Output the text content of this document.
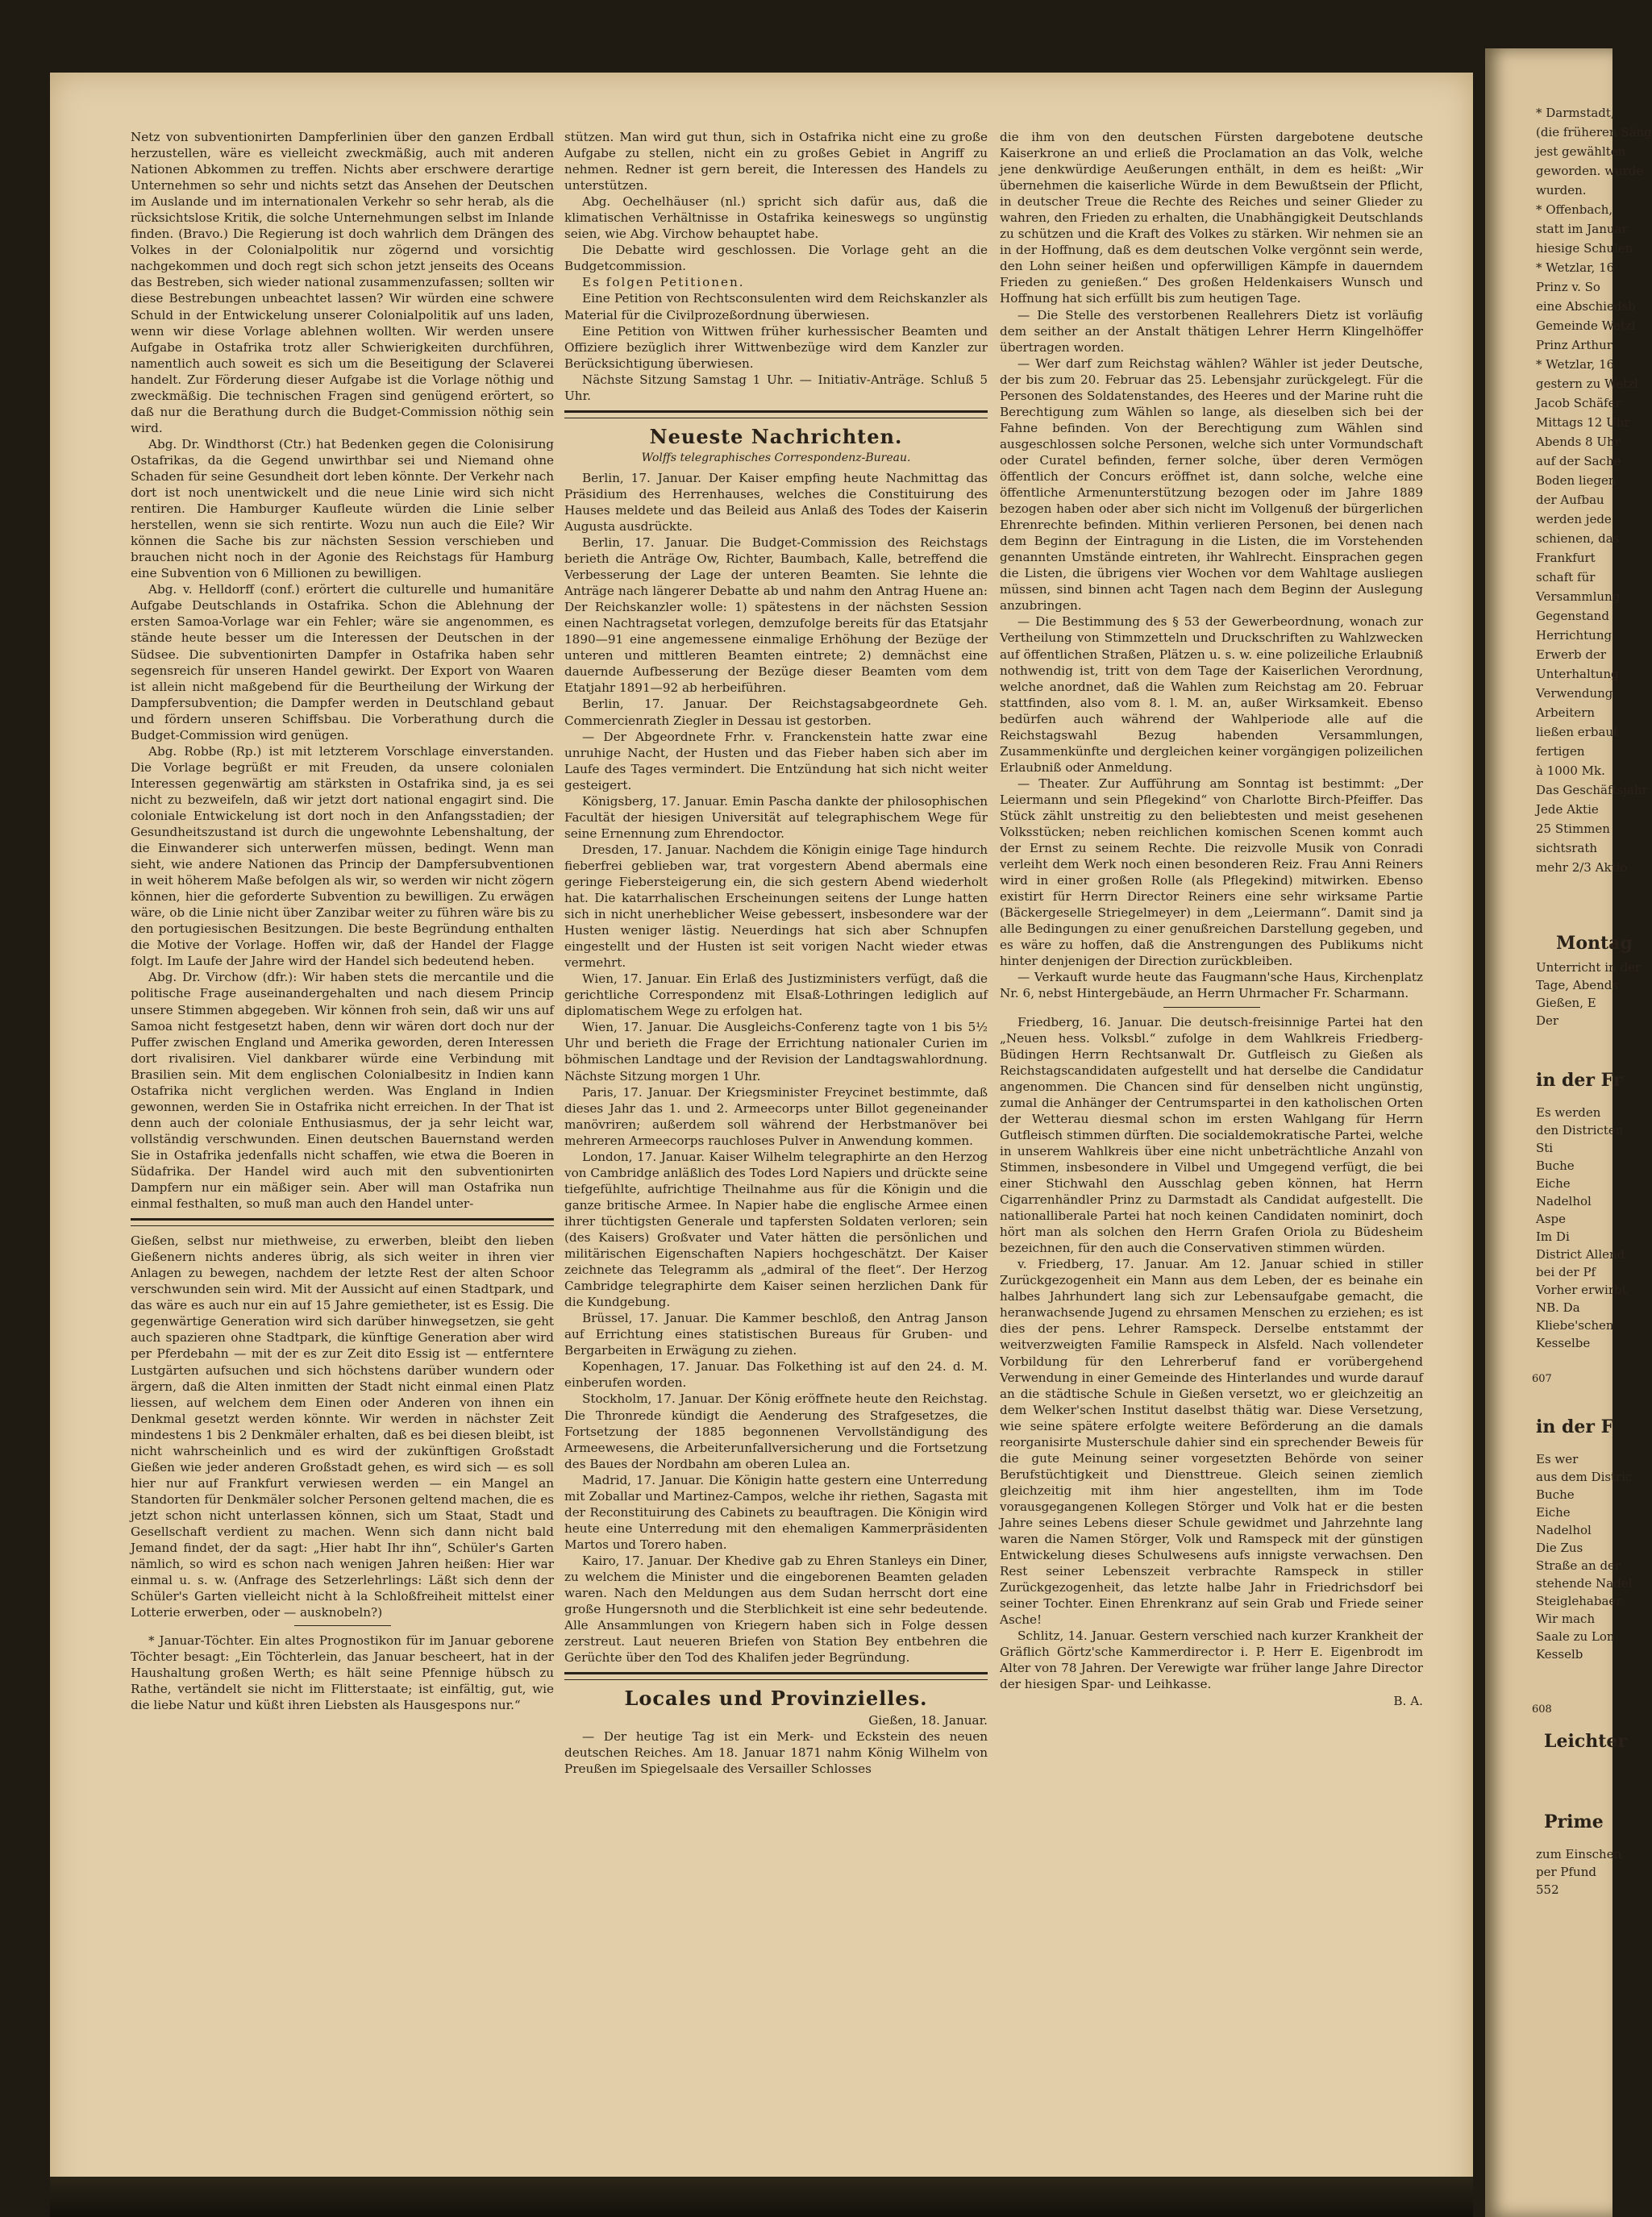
Netz von subventionirten Dampferlinien über den ganzen Erdball herzustellen, wäre es vielleicht zweckmäßig, auch mit anderen Nationen Abkommen zu treffen. Nichts aber erschwere derartige Unternehmen so sehr und nichts setzt das Ansehen der Deutschen im Auslande und im internationalen Verkehr so sehr herab, als die rücksichtslose Kritik, die solche Unternehmungen selbst im Inlande finden. (Bravo.) Die Regierung ist doch wahrlich dem Drängen des Volkes in der Colonialpolitik nur zögernd und vorsichtig nachgekommen und doch regt sich schon jetzt jenseits des Oceans das Bestreben, sich wieder national zusammenzufassen; sollten wir diese Bestrebungen unbeachtet lassen? Wir würden eine schwere Schuld in der Entwickelung unserer Colonialpolitik auf uns laden, wenn wir diese Vorlage ablehnen wollten. Wir werden unsere Aufgabe in Ostafrika trotz aller Schwierigkeiten durchführen, namentlich auch soweit es sich um die Beseitigung der Sclaverei handelt. Zur Förderung dieser Aufgabe ist die Vorlage nöthig und zweckmäßig. Die technischen Fragen sind genügend erörtert, so daß nur die Berathung durch die Budget-Commission nöthig sein wird.

Abg. Dr. Windthorst (Ctr.) hat Bedenken gegen die Colonisirung Ostafrikas, da die Gegend unwirthbar sei und Niemand ohne Schaden für seine Gesundheit dort leben könnte. Der Verkehr nach dort ist noch unentwickelt und die neue Linie wird sich nicht rentiren. Die Hamburger Kaufleute würden die Linie selber herstellen, wenn sie sich rentirte. Wozu nun auch die Eile? Wir können die Sache bis zur nächsten Session verschieben und brauchen nicht noch in der Agonie des Reichstags für Hamburg eine Subvention von 6 Millionen zu bewilligen.

Abg. v. Helldorff (conf.) erörtert die culturelle und humanitäre Aufgabe Deutschlands in Ostafrika. Schon die Ablehnung der ersten Samoa-Vorlage war ein Fehler; wäre sie angenommen, es stände heute besser um die Interessen der Deutschen in der Südsee. Die subventionirten Dampfer in Ostafrika haben sehr segensreich für unseren Handel gewirkt. Der Export von Waaren ist allein nicht maßgebend für die Beurtheilung der Wirkung der Dampfersubvention; die Dampfer werden in Deutschland gebaut und fördern unseren Schiffsbau. Die Vorberathung durch die Budget-Commission wird genügen.

Abg. Robbe (Rp.) ist mit letzterem Vorschlage einverstanden. Die Vorlage begrüßt er mit Freuden, da unsere colonialen Interessen gegenwärtig am stärksten in Ostafrika sind, ja es sei nicht zu bezweifeln, daß wir jetzt dort national engagirt sind. Die coloniale Entwickelung ist dort noch in den Anfangsstadien; der Gesundheitszustand ist durch die ungewohnte Lebenshaltung, der die Einwanderer sich unterwerfen müssen, bedingt. Wenn man sieht, wie andere Nationen das Princip der Dampfersubventionen in weit höherem Maße befolgen als wir, so werden wir nicht zögern können, hier die geforderte Subvention zu bewilligen. Zu erwägen wäre, ob die Linie nicht über Zanzibar weiter zu führen wäre bis zu den portugiesischen Besitzungen. Die beste Begründung enthalten die Motive der Vorlage. Hoffen wir, daß der Handel der Flagge folgt. Im Laufe der Jahre wird der Handel sich bedeutend heben.

Abg. Dr. Virchow (dfr.): Wir haben stets die mercantile und die politische Frage auseinandergehalten und nach diesem Princip unsere Stimmen abgegeben. Wir können froh sein, daß wir uns auf Samoa nicht festgesetzt haben, denn wir wären dort doch nur der Puffer zwischen England und Amerika geworden, deren Interessen dort rivalisiren. Viel dankbarer würde eine Verbindung mit Brasilien sein. Mit dem englischen Colonialbesitz in Indien kann Ostafrika nicht verglichen werden. Was England in Indien gewonnen, werden Sie in Ostafrika nicht erreichen. In der That ist denn auch der coloniale Enthusiasmus, der ja sehr leicht war, vollständig verschwunden. Einen deutschen Bauernstand werden Sie in Ostafrika jedenfalls nicht schaffen, wie etwa die Boeren in Südafrika. Der Handel wird auch mit den subventionirten Dampfern nur ein mäßiger sein. Aber will man Ostafrika nun einmal festhalten, so muß man auch den Handel unter-

Gießen, selbst nur miethweise, zu erwerben, bleibt den lieben Gießenern nichts anderes übrig, als sich weiter in ihren vier Anlagen zu bewegen, nachdem der letzte Rest der alten Schoor verschwunden sein wird. Mit der Aussicht auf einen Stadtpark, und das wäre es auch nur ein auf 15 Jahre gemietheter, ist es Essig. Die gegenwärtige Generation wird sich darüber hinwegsetzen, sie geht auch spazieren ohne Stadtpark, die künftige Generation aber wird per Pferdebahn — mit der es zur Zeit dito Essig ist — entferntere Lustgärten aufsuchen und sich höchstens darüber wundern oder ärgern, daß die Alten inmitten der Stadt nicht einmal einen Platz liessen, auf welchem dem Einen oder Anderen von ihnen ein Denkmal gesetzt werden könnte. Wir werden in nächster Zeit mindestens 1 bis 2 Denkmäler erhalten, daß es bei diesen bleibt, ist nicht wahrscheinlich und es wird der zukünftigen Großstadt Gießen wie jeder anderen Großstadt gehen, es wird sich — es soll hier nur auf Frankfurt verwiesen werden — ein Mangel an Standorten für Denkmäler solcher Personen geltend machen, die es jetzt schon nicht unterlassen können, sich um Staat, Stadt und Gesellschaft verdient zu machen. Wenn sich dann nicht bald Jemand findet, der da sagt: „Hier habt Ihr ihn“, Schüler's Garten nämlich, so wird es schon nach wenigen Jahren heißen: Hier war einmal u. s. w. (Anfrage des Setzerlehrlings: Läßt sich denn der Schüler's Garten vielleicht nicht à la Schloßfreiheit mittelst einer Lotterie erwerben, oder — ausknobeln?)

* Januar-Töchter. Ein altes Prognostikon für im Januar geborene Töchter besagt: „Ein Töchterlein, das Januar bescheert, hat in der Haushaltung großen Werth; es hält seine Pfennige hübsch zu Rathe, vertändelt sie nicht im Flitterstaate; ist einfältig, gut, wie die liebe Natur und küßt ihren Liebsten als Hausgespons nur.“

stützen. Man wird gut thun, sich in Ostafrika nicht eine zu große Aufgabe zu stellen, nicht ein zu großes Gebiet in Angriff zu nehmen. Redner ist gern bereit, die Interessen des Handels zu unterstützen.

Abg. Oechelhäuser (nl.) spricht sich dafür aus, daß die klimatischen Verhältnisse in Ostafrika keineswegs so ungünstig seien, wie Abg. Virchow behauptet habe.

Die Debatte wird geschlossen. Die Vorlage geht an die Budgetcommission.

Es folgen Petitionen.

Eine Petition von Rechtsconsulenten wird dem Reichskanzler als Material für die Civilprozeßordnung überwiesen.

Eine Petition von Wittwen früher kurhessischer Beamten und Offiziere bezüglich ihrer Wittwenbezüge wird dem Kanzler zur Berücksichtigung überwiesen.

Nächste Sitzung Samstag 1 Uhr. — Initiativ-Anträge. Schluß 5 Uhr.

Neueste Nachrichten.
Wolffs telegraphisches Correspondenz-Bureau.

Berlin, 17. Januar. Der Kaiser empfing heute Nachmittag das Präsidium des Herrenhauses, welches die Constituirung des Hauses meldete und das Beileid aus Anlaß des Todes der Kaiserin Augusta ausdrückte.

Berlin, 17. Januar. Die Budget-Commission des Reichstags berieth die Anträge Ow, Richter, Baumbach, Kalle, betreffend die Verbesserung der Lage der unteren Beamten. Sie lehnte die Anträge nach längerer Debatte ab und nahm den Antrag Huene an: Der Reichskanzler wolle: 1) spätestens in der nächsten Session einen Nachtragsetat vorlegen, demzufolge bereits für das Etatsjahr 1890—91 eine angemessene einmalige Erhöhung der Bezüge der unteren und mittleren Beamten eintrete; 2) demnächst eine dauernde Aufbesserung der Bezüge dieser Beamten vom dem Etatjahr 1891—92 ab herbeiführen.

Berlin, 17. Januar. Der Reichstagsabgeordnete Geh. Commercienrath Ziegler in Dessau ist gestorben.

— Der Abgeordnete Frhr. v. Franckenstein hatte zwar eine unruhige Nacht, der Husten und das Fieber haben sich aber im Laufe des Tages vermindert. Die Entzündung hat sich nicht weiter gesteigert.

Königsberg, 17. Januar. Emin Pascha dankte der philosophischen Facultät der hiesigen Universität auf telegraphischem Wege für seine Ernennung zum Ehrendoctor.

Dresden, 17. Januar. Nachdem die Königin einige Tage hindurch fieberfrei geblieben war, trat vorgestern Abend abermals eine geringe Fiebersteigerung ein, die sich gestern Abend wiederholt hat. Die katarrhalischen Erscheinungen seitens der Lunge hatten sich in nicht unerheblicher Weise gebessert, insbesondere war der Husten weniger lästig. Neuerdings hat sich aber Schnupfen eingestellt und der Husten ist seit vorigen Nacht wieder etwas vermehrt.

Wien, 17. Januar. Ein Erlaß des Justizministers verfügt, daß die gerichtliche Correspondenz mit Elsaß-Lothringen lediglich auf diplomatischem Wege zu erfolgen hat.

Wien, 17. Januar. Die Ausgleichs-Conferenz tagte von 1 bis 5½ Uhr und berieth die Frage der Errichtung nationaler Curien im böhmischen Landtage und der Revision der Landtagswahlordnung. Nächste Sitzung morgen 1 Uhr.

Paris, 17. Januar. Der Kriegsminister Freycinet bestimmte, daß dieses Jahr das 1. und 2. Armeecorps unter Billot gegeneinander manövriren; außerdem soll während der Herbstmanöver bei mehreren Armeecorps rauchloses Pulver in Anwendung kommen.

London, 17. Januar. Kaiser Wilhelm telegraphirte an den Herzog von Cambridge anläßlich des Todes Lord Napiers und drückte seine tiefgefühlte, aufrichtige Theilnahme aus für die Königin und die ganze britische Armee. In Napier habe die englische Armee einen ihrer tüchtigsten Generale und tapfersten Soldaten verloren; sein (des Kaisers) Großvater und Vater hätten die persönlichen und militärischen Eigenschaften Napiers hochgeschätzt. Der Kaiser zeichnete das Telegramm als „admiral of the fleet“. Der Herzog Cambridge telegraphirte dem Kaiser seinen herzlichen Dank für die Kundgebung.

Brüssel, 17. Januar. Die Kammer beschloß, den Antrag Janson auf Errichtung eines statistischen Bureaus für Gruben- und Bergarbeiten in Erwägung zu ziehen.

Kopenhagen, 17. Januar. Das Folkething ist auf den 24. d. M. einberufen worden.

Stockholm, 17. Januar. Der König eröffnete heute den Reichstag. Die Thronrede kündigt die Aenderung des Strafgesetzes, die Fortsetzung der 1885 begonnenen Vervollständigung des Armeewesens, die Arbeiterunfallversicherung und die Fortsetzung des Baues der Nordbahn am oberen Lulea an.

Madrid, 17. Januar. Die Königin hatte gestern eine Unterredung mit Zoballar und Martinez-Campos, welche ihr riethen, Sagasta mit der Reconstituirung des Cabinets zu beauftragen. Die Königin wird heute eine Unterredung mit den ehemaligen Kammerpräsidenten Martos und Torero haben.

Kairo, 17. Januar. Der Khedive gab zu Ehren Stanleys ein Diner, zu welchem die Minister und die eingeborenen Beamten geladen waren. Nach den Meldungen aus dem Sudan herrscht dort eine große Hungersnoth und die Sterblichkeit ist eine sehr bedeutende. Alle Ansammlungen von Kriegern haben sich in Folge dessen zerstreut. Laut neueren Briefen von Station Bey entbehren die Gerüchte über den Tod des Khalifen jeder Begründung.

Locales und Provinzielles.

Gießen, 18. Januar.

— Der heutige Tag ist ein Merk- und Eckstein des neuen deutschen Reiches. Am 18. Januar 1871 nahm König Wilhelm von Preußen im Spiegelsaale des Versailler Schlosses

die ihm von den deutschen Fürsten dargebotene deutsche Kaiserkrone an und erließ die Proclamation an das Volk, welche jene denkwürdige Aeußerungen enthält, in dem es heißt: „Wir übernehmen die kaiserliche Würde in dem Bewußtsein der Pflicht, in deutscher Treue die Rechte des Reiches und seiner Glieder zu wahren, den Frieden zu erhalten, die Unabhängigkeit Deutschlands zu schützen und die Kraft des Volkes zu stärken. Wir nehmen sie an in der Hoffnung, daß es dem deutschen Volke vergönnt sein werde, den Lohn seiner heißen und opferwilligen Kämpfe in dauerndem Frieden zu genießen.“ Des großen Heldenkaisers Wunsch und Hoffnung hat sich erfüllt bis zum heutigen Tage.

— Die Stelle des verstorbenen Reallehrers Dietz ist vorläufig dem seither an der Anstalt thätigen Lehrer Herrn Klingelhöffer übertragen worden.

— Wer darf zum Reichstag wählen? Wähler ist jeder Deutsche, der bis zum 20. Februar das 25. Lebensjahr zurückgelegt. Für die Personen des Soldatenstandes, des Heeres und der Marine ruht die Berechtigung zum Wählen so lange, als dieselben sich bei der Fahne befinden. Von der Berechtigung zum Wählen sind ausgeschlossen solche Personen, welche sich unter Vormundschaft oder Curatel befinden, ferner solche, über deren Vermögen öffentlich der Concurs eröffnet ist, dann solche, welche eine öffentliche Armenunterstützung bezogen oder im Jahre 1889 bezogen haben oder aber sich nicht im Vollgenuß der bürgerlichen Ehrenrechte befinden. Mithin verlieren Personen, bei denen nach dem Beginn der Eintragung in die Listen, die im Vorstehenden genannten Umstände eintreten, ihr Wahlrecht. Einsprachen gegen die Listen, die übrigens vier Wochen vor dem Wahltage ausliegen müssen, sind binnen acht Tagen nach dem Beginn der Auslegung anzubringen.

— Die Bestimmung des § 53 der Gewerbeordnung, wonach zur Vertheilung von Stimmzetteln und Druckschriften zu Wahlzwecken auf öffentlichen Straßen, Plätzen u. s. w. eine polizeiliche Erlaubniß nothwendig ist, tritt von dem Tage der Kaiserlichen Verordnung, welche anordnet, daß die Wahlen zum Reichstag am 20. Februar stattfinden, also vom 8. l. M. an, außer Wirksamkeit. Ebenso bedürfen auch während der Wahlperiode alle auf die Reichstagswahl Bezug habenden Versammlungen, Zusammenkünfte und dergleichen keiner vorgängigen polizeilichen Erlaubniß oder Anmeldung.

— Theater. Zur Aufführung am Sonntag ist bestimmt: „Der Leiermann und sein Pflegekind“ von Charlotte Birch-Pfeiffer. Das Stück zählt unstreitig zu den beliebtesten und meist gesehenen Volksstücken; neben reichlichen komischen Scenen kommt auch der Ernst zu seinem Rechte. Die reizvolle Musik von Conradi verleiht dem Werk noch einen besonderen Reiz. Frau Anni Reiners wird in einer großen Rolle (als Pflegekind) mitwirken. Ebenso existirt für Herrn Director Reiners eine sehr wirksame Partie (Bäckergeselle Striegelmeyer) in dem „Leiermann“. Damit sind ja alle Bedingungen zu einer genußreichen Darstellung gegeben, und es wäre zu hoffen, daß die Anstrengungen des Publikums nicht hinter denjenigen der Direction zurückbleiben.

— Verkauft wurde heute das Faugmann'sche Haus, Kirchenplatz Nr. 6, nebst Hintergebäude, an Herrn Uhrmacher Fr. Scharmann.

Friedberg, 16. Januar. Die deutsch-freisinnige Partei hat den „Neuen hess. Volksbl.“ zufolge in dem Wahlkreis Friedberg-Büdingen Herrn Rechtsanwalt Dr. Gutfleisch zu Gießen als Reichstagscandidaten aufgestellt und hat derselbe die Candidatur angenommen. Die Chancen sind für denselben nicht ungünstig, zumal die Anhänger der Centrumspartei in den katholischen Orten der Wetterau diesmal schon im ersten Wahlgang für Herrn Gutfleisch stimmen dürften. Die socialdemokratische Partei, welche in unserem Wahlkreis über eine nicht unbeträchtliche Anzahl von Stimmen, insbesondere in Vilbel und Umgegend verfügt, die bei einer Stichwahl den Ausschlag geben können, hat Herrn Cigarrenhändler Prinz zu Darmstadt als Candidat aufgestellt. Die nationalliberale Partei hat noch keinen Candidaten nominirt, doch hört man als solchen den Herrn Grafen Oriola zu Büdesheim bezeichnen, für den auch die Conservativen stimmen würden.

v. Friedberg, 17. Januar. Am 12. Januar schied in stiller Zurückgezogenheit ein Mann aus dem Leben, der es beinahe ein halbes Jahrhundert lang sich zur Lebensaufgabe gemacht, die heranwachsende Jugend zu ehrsamen Menschen zu erziehen; es ist dies der pens. Lehrer Ramspeck. Derselbe entstammt der weitverzweigten Familie Ramspeck in Alsfeld. Nach vollendeter Vorbildung für den Lehrerberuf fand er vorübergehend Verwendung in einer Gemeinde des Hinterlandes und wurde darauf an die städtische Schule in Gießen versetzt, wo er gleichzeitig an dem Welker'schen Institut daselbst thätig war. Diese Versetzung, wie seine spätere erfolgte weitere Beförderung an die damals reorganisirte Musterschule dahier sind ein sprechender Beweis für die gute Meinung seiner vorgesetzten Behörde von seiner Berufstüchtigkeit und Diensttreue. Gleich seinen ziemlich gleichzeitig mit ihm hier angestellten, ihm im Tode vorausgegangenen Kollegen Störger und Volk hat er die besten Jahre seines Lebens dieser Schule gewidmet und Jahrzehnte lang waren die Namen Störger, Volk und Ramspeck mit der günstigen Entwickelung dieses Schulwesens aufs innigste verwachsen. Den Rest seiner Lebenszeit verbrachte Ramspeck in stiller Zurückgezogenheit, das letzte halbe Jahr in Friedrichsdorf bei seiner Tochter. Einen Ehrenkranz auf sein Grab und Friede seiner Asche!

Schlitz, 14. Januar. Gestern verschied nach kurzer Krankheit der Gräflich Görtz'sche Kammerdirector i. P. Herr E. Eigenbrodt im Alter von 78 Jahren. Der Verewigte war früher lange Jahre Director der hiesigen Spar- und Leihkasse.

B. A.

* Darmstadt,
(die früheren Säng
jest gewählten
geworden. wurde
wurden.
* Offenbach,
statt im Januar
hiesige Schulen
* Wetzlar, 16
Prinz v. So
eine Abschiedsb
Gemeinde Wetzl
Prinz Arthur
* Wetzlar, 16
gestern zu Wetzl
Jacob Schäfer
Mittags 12 Uhr
Abends 8 Uhr
auf der Sache
Boden liegen
der Aufbau
werden jede
schienen, das
Frankfurt
schaft für
Versammlung
Gegenstand
Herrichtung
Erwerb der
Unterhaltung
Verwendung
Arbeitern
ließen erbaut
fertigen
à 1000 Mk.
Das Geschäftsjahr
Jede Aktie
25 Stimmen
sichtsrath
mehr 2/3 Aktio
Montag
Unterricht in der
Tage, Abends
Gießen, E
Der
607
in der Fr
Es werden
den Districten
Sti
Buche
Eiche
Nadelhol
Aspe
Im Di
District Allend
bei der Pf
Vorher erwirbt
NB. Da
Kliebe'schen
Kesselbe
in der F
Es wer
aus dem Distric
Buche
Eiche
Nadelhol
Die Zus
Straße an der
stehende Nadel
Steiglehabaer
Wir mach
Saale zu Lon
Kesselb
608
Leichter
Prime
zum Einschen
per Pfund
552
